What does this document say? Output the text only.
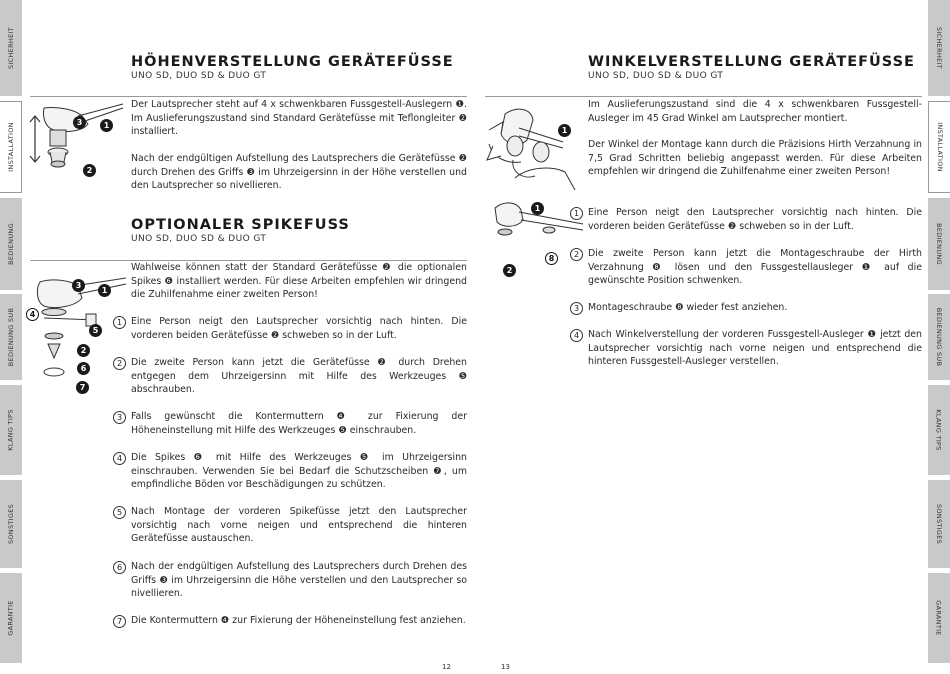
SICHERHEIT
INSTALLATION
BEDIENUNG
BEDIENUNG SUB
KLANG TIPS
SONSTIGES
GARANTIE
SICHERHEIT
INSTALLATION
BEDIENUNG
BEDIENUNG SUB
KLANG TIPS
SONSTIGES
GARANTIE
HÖHENVERSTELLUNG GERÄTEFÜSSE
UNO SD, DUO SD & DUO GT
3	1
2

Der Lautsprecher steht auf 4 x schwenkbaren Fussgestell-Auslegern ❶. Im Auslieferungszustand sind Standard Gerätefüsse mit Teflongleiter ❷ installiert.

Nach der endgültigen Aufstellung des Lautsprechers die Gerätefüsse ❷ durch Drehen des Griffs ❸ im Uhrzeigersinn in der Höhe verstellen und den Lautsprecher so nivellieren.

OPTIONALER SPIKEFUSS
UNO SD, DUO SD & DUO GT
3
1
4
5
2
6
7

Wahlweise können statt der Standard Gerätefüsse ❷ die optionalen Spikes ❻ installiert werden. Für diese Arbeiten empfehlen wir dringend die Zuhilfenahme einer zweiten Person!

1 Eine Person neigt den Lautsprecher vorsichtig nach hinten. Die vorderen beiden Gerätefüsse ❷ schweben so in der Luft.

2 Die zweite Person kann jetzt die Gerätefüsse ❷ durch Drehen entgegen dem Uhrzeigersinn mit Hilfe des Werkzeuges ❺ abschrauben.

3 Falls gewünscht die Kontermuttern ❹ zur Fixierung der Höheneinstellung mit Hilfe des Werkzeuges ❺ einschrauben.

4 Die Spikes ❻ mit Hilfe des Werkzeuges ❺ im Uhrzeigersinn einschrauben. Verwenden Sie bei Bedarf die Schutzscheiben ❼, um empfindliche Böden vor Beschädigungen zu schützen.

5 Nach Montage der vorderen Spikefüsse jetzt den Lautsprecher vorsichtig nach vorne neigen und entsprechend die hinteren Gerätefüsse austauschen.

6 Nach der endgültigen Aufstellung des Lautsprechers durch Drehen des Griffs ❸ im Uhrzeigersinn die Höhe verstellen und den Lautsprecher so nivellieren.

7 Die Kontermuttern ❹ zur Fixierung der Höheneinstellung fest anziehen.

12
WINKELVERSTELLUNG GERÄTEFÜSSE
UNO SD, DUO SD & DUO GT
1
1
2
8

Im Auslieferungszustand sind die 4 x schwenkbaren Fussgestell-Ausleger im 45 Grad Winkel am Lautsprecher montiert.

Der Winkel der Montage kann durch die Präzisions Hirth Verzahnung in 7,5 Grad Schritten beliebig angepasst werden. Für diese Arbeiten empfehlen wir dringend die Zuhilfenahme einer zweiten Person!

1 Eine Person neigt den Lautsprecher vorsichtig nach hinten. Die vorderen beiden Gerätefüsse ❷ schweben so in der Luft.

2 Die zweite Person kann jetzt die Montageschraube der Hirth Verzahnung ❽ lösen und den Fussgestellausleger ❶ auf die gewünschte Position schwenken.

3 Montageschraube ❽ wieder fest anziehen.

4 Nach Winkelverstellung der vorderen Fussgestell-Ausleger ❶ jetzt den Lautsprecher vorsichtig nach vorne neigen und entsprechend die hinteren Fussgestell-Ausleger verstellen.

13
